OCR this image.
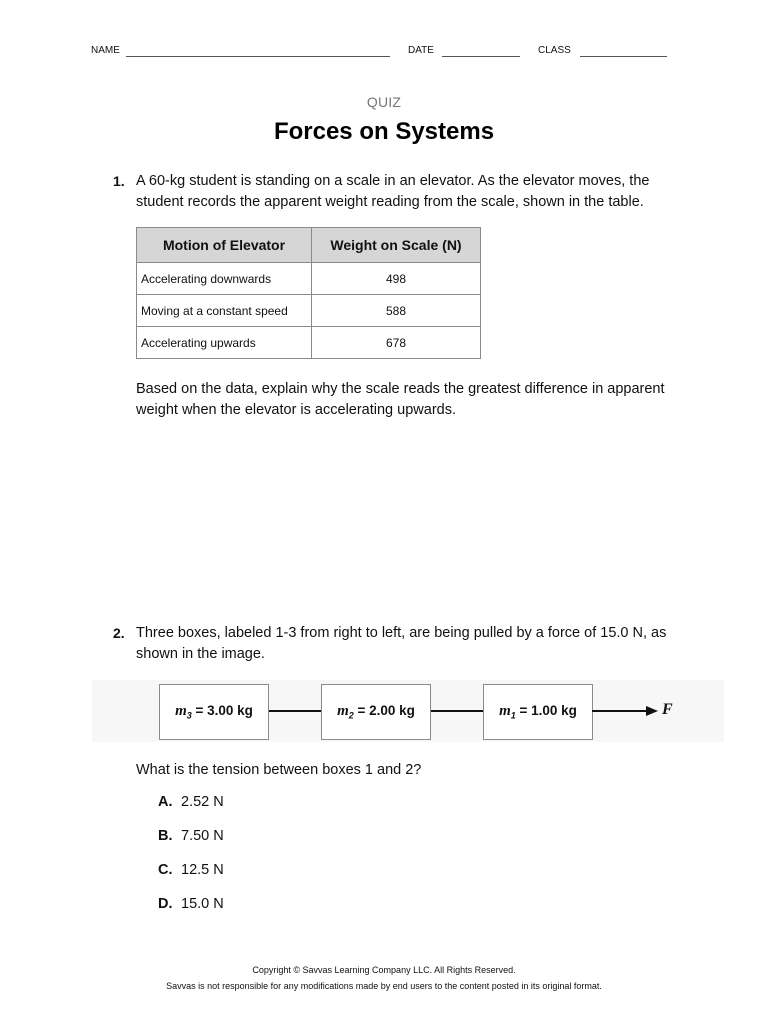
NAME	DATE	CLASS
QUIZ
Forces on Systems
1. A 60-kg student is standing on a scale in an elevator. As the elevator moves, the student records the apparent weight reading from the scale, shown in the table.
Motion of Elevator	Weight on Scale (N)
Accelerating downwards	498
Moving at a constant speed	588
Accelerating upwards	678
Based on the data, explain why the scale reads the greatest difference in apparent weight when the elevator is accelerating upwards.
2. Three boxes, labeled 1-3 from right to left, are being pulled by a force of 15.0 N, as shown in the image.
$m_3 = 3.00$ kg	$m_2 = 2.00$ kg	$m_1 = 1.00$ kg	F
What is the tension between boxes 1 and 2?
A. 2.52 N
B. 7.50 N
C. 12.5 N
D. 15.0 N
Copyright © Savvas Learning Company LLC. All Rights Reserved.
Savvas is not responsible for any modifications made by end users to the content posted in its original format.
